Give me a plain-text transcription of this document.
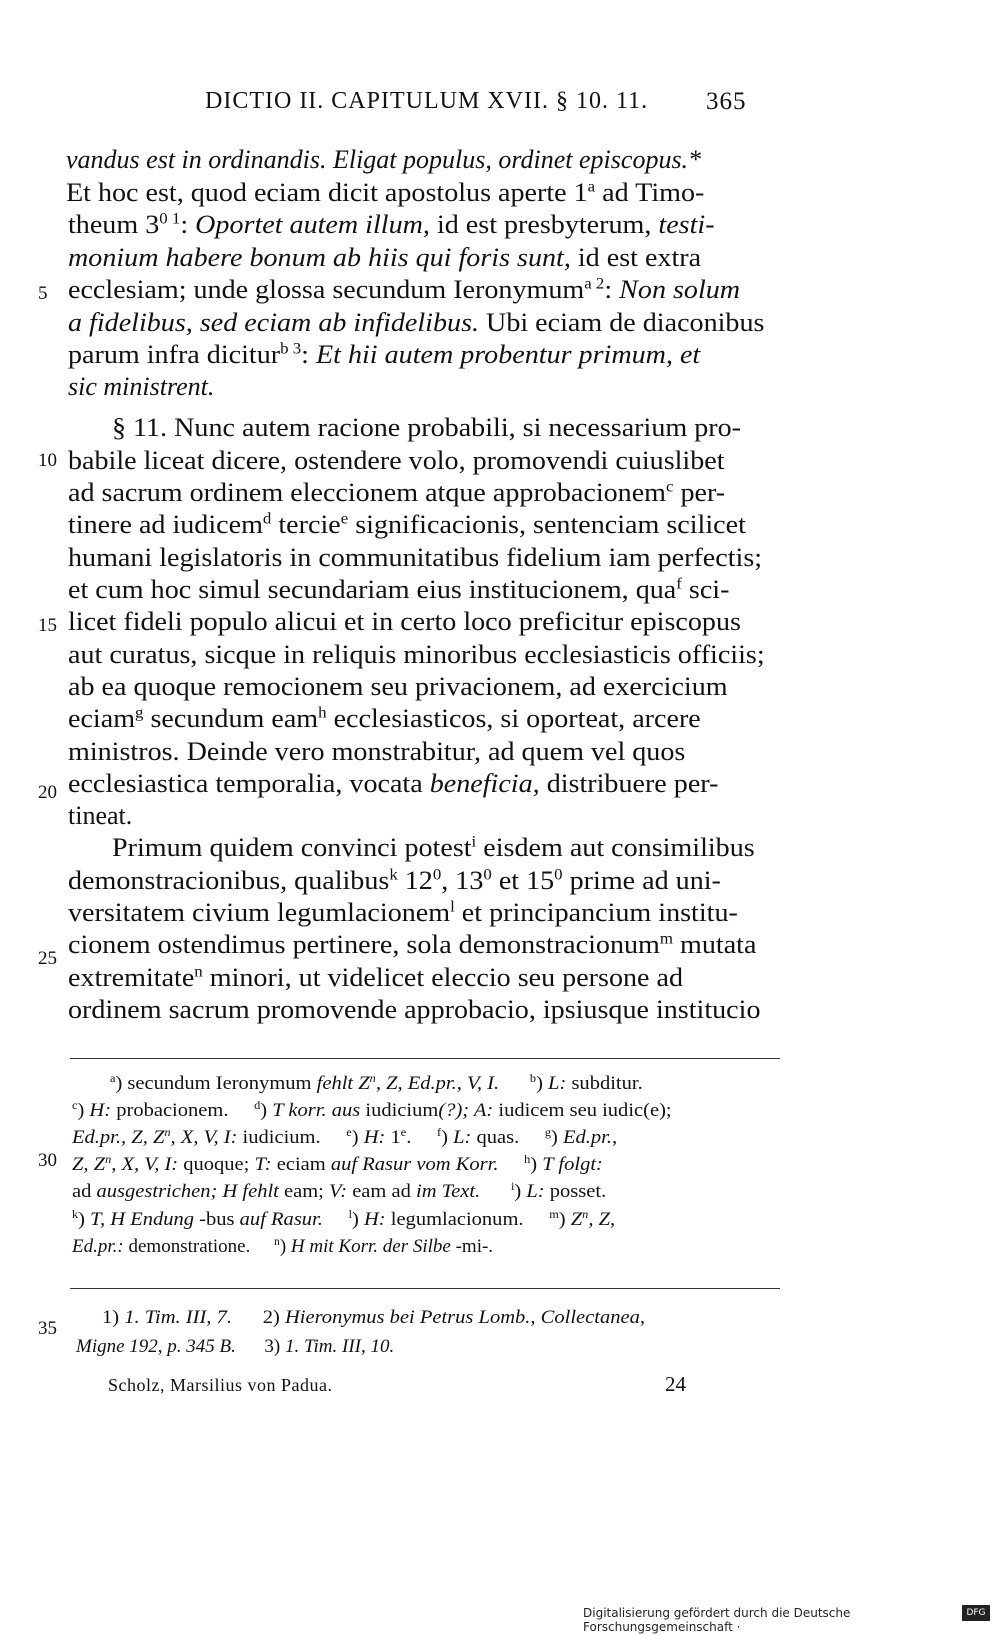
DICTIO II. CAPITULUM XVII. § 10. 11. 365
5
10
15
20
25
30
35
vandus est in ordinandis. Eligat populus, ordinet episcopus.*
Et hoc est, quod eciam dicit apostolus aperte 1$^a$ ad Timo-
theum $3^{0 1}$: Oportet autem illum, id est presbyterum, testi-
monium habere bonum ab hiis qui foris sunt, id est extra
ecclesiam; unde glossa secundum Ieronymum$^{a 2}$: Non solum
a fidelibus, sed eciam ab infidelibus. Ubi eciam de diaconibus
parum infra dicitur$^{b 3}$: Et hii autem probentur primum, et
sic ministrent.
§ 11. Nunc autem racione probabili, si necessarium pro-
babile liceat dicere, ostendere volo, promovendi cuiuslibet
ad sacrum ordinem eleccionem atque approbacionem$^c$ per-
tinere ad iudicem$^d$ tercie$^e$ significacionis, sentenciam scilicet
humani legislatoris in communitatibus fidelium iam perfectis;
et cum hoc simul secundariam eius institucionem, qua$^f$ sci-
licet fideli populo alicui et in certo loco preficitur episcopus
aut curatus, sicque in reliquis minoribus ecclesiasticis officiis;
ab ea quoque remocionem seu privacionem, ad exercicium
eciam$^g$ secundum eam$^h$ ecclesiasticos, si oporteat, arcere
ministros. Deinde vero monstrabitur, ad quem vel quos
ecclesiastica temporalia, vocata beneficia, distribuere per-
tineat.
Primum quidem convinci potest$^i$ eisdem aut consimilibus
demonstracionibus, qualibus$^k$ $12^0$, $13^0$ et $15^0$ prime ad uni-
versitatem civium legumlacionem$^l$ et principancium institu-
cionem ostendimus pertinere, sola demonstracionum$^m$ mutata
extremitate$^n$ minori, ut videlicet eleccio seu persone ad
ordinem sacrum promovende approbacio, ipsiusque institucio
$^a$) secundum Ieronymum fehlt $Z^n$, Z, Ed.pr., V, I.	$^b$) L: subditur.
$^c$) H: probacionem.     $^d$) T korr. aus iudicium(?); A: iudicem seu iudic(e);
Ed.pr., Z, $Z^n$, X, V, I: iudicium.     $^e$) H: 1e.     $^f$) L: quas.     $^g$) Ed.pr.,
Z, $Z^n$, X, V, I: quoque; T: eciam auf Rasur vom Korr. $^h$) T folgt:
ad ausgestrichen; H fehlt eam; V: eam ad im Text.	$^i$) L: posset.
$^k$) T, H Endung -bus auf Rasur. $^l$) H: legumlacionum.     $^m$) $Z^n$, Z,
Ed.pr.: demonstratione.     $^n$) H mit Korr. der Silbe -mi-.
1) 1. Tim. III, 7.      2) Hieronymus bei Petrus Lomb., Collectanea,
Migne 192, p. 345 B.      3) 1. Tim. III, 10.
Scholz, Marsilius von Padua.	24
Digitalisierung gefördert durch die Deutsche Forschungsgemeinschaft ·
DFG
